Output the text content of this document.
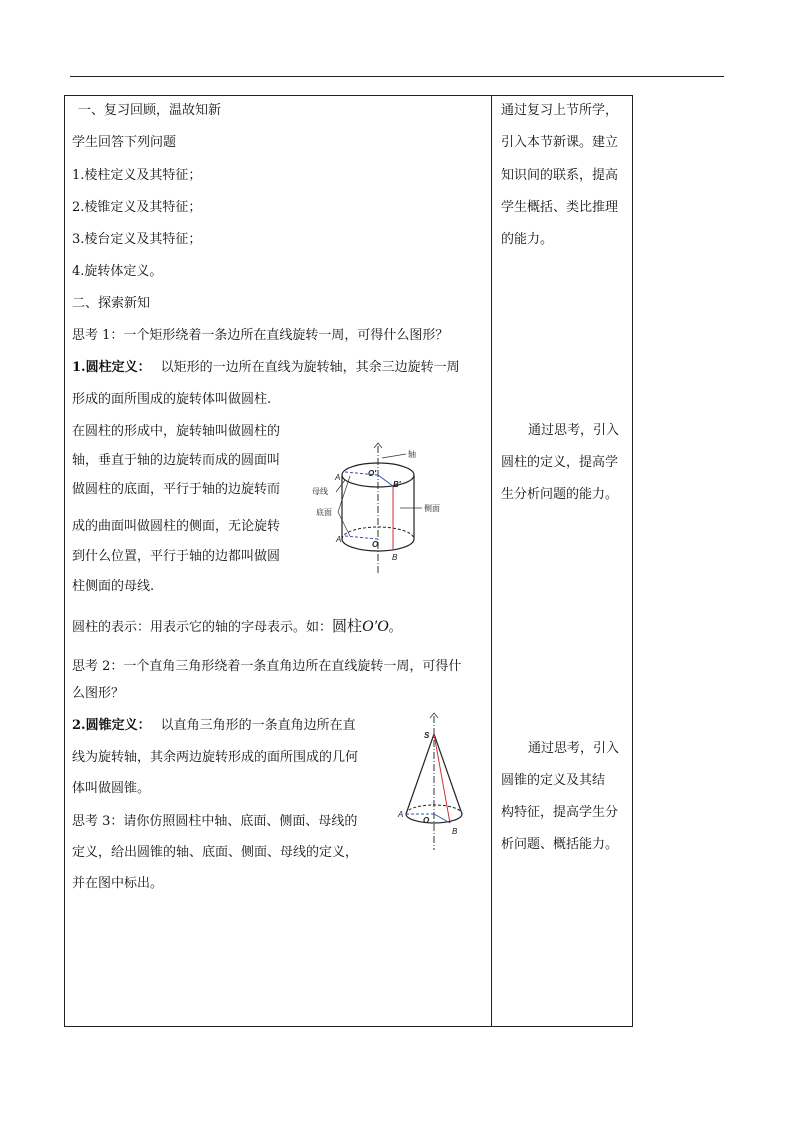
一、复习回顾，温故知新
学生回答下列问题
1.棱柱定义及其特征；
2.棱锥定义及其特征；
3.棱台定义及其特征；
4.旋转体定义。
二、探索新知
思考 1：一个矩形绕着一条边所在直线旋转一周，可得什么图形？
1.圆柱定义： 以矩形的一边所在直线为旋转轴，其余三边旋转一周
形成的面所围成的旋转体叫做圆柱.
在圆柱的形成中，旋转轴叫做圆柱的
轴，垂直于轴的边旋转而成的圆面叫
做圆柱的底面，平行于轴的边旋转而
成的曲面叫做圆柱的侧面，无论旋转
到什么位置，平行于轴的边都叫做圆
柱侧面的母线.
圆柱的表示：用表示它的轴的字母表示。如：圆柱O′O。
思考 2：一个直角三角形绕着一条直角边所在直线旋转一周，可得什
么图形？
2.圆锥定义： 以直角三角形的一条直角边所在直
线为旋转轴，其余两边旋转形成的面所围成的几何
体叫做圆锥。
思考 3：请你仿照圆柱中轴、底面、侧面、母线的
定义，给出圆锥的轴、底面、侧面、母线的定义，
并在图中标出。
通过复习上节所学，
引入本节新课。建立
知识间的联系，提高
学生概括、类比推理
的能力。
通过思考，引入
圆柱的定义，提高学
生分析问题的能力。
通过思考，引入
圆锥的定义及其结
构特征，提高学生分
析问题、概括能力。
轴
母线
底面	侧面
A	O′
B′
A′
O
B
S
A
O
B
